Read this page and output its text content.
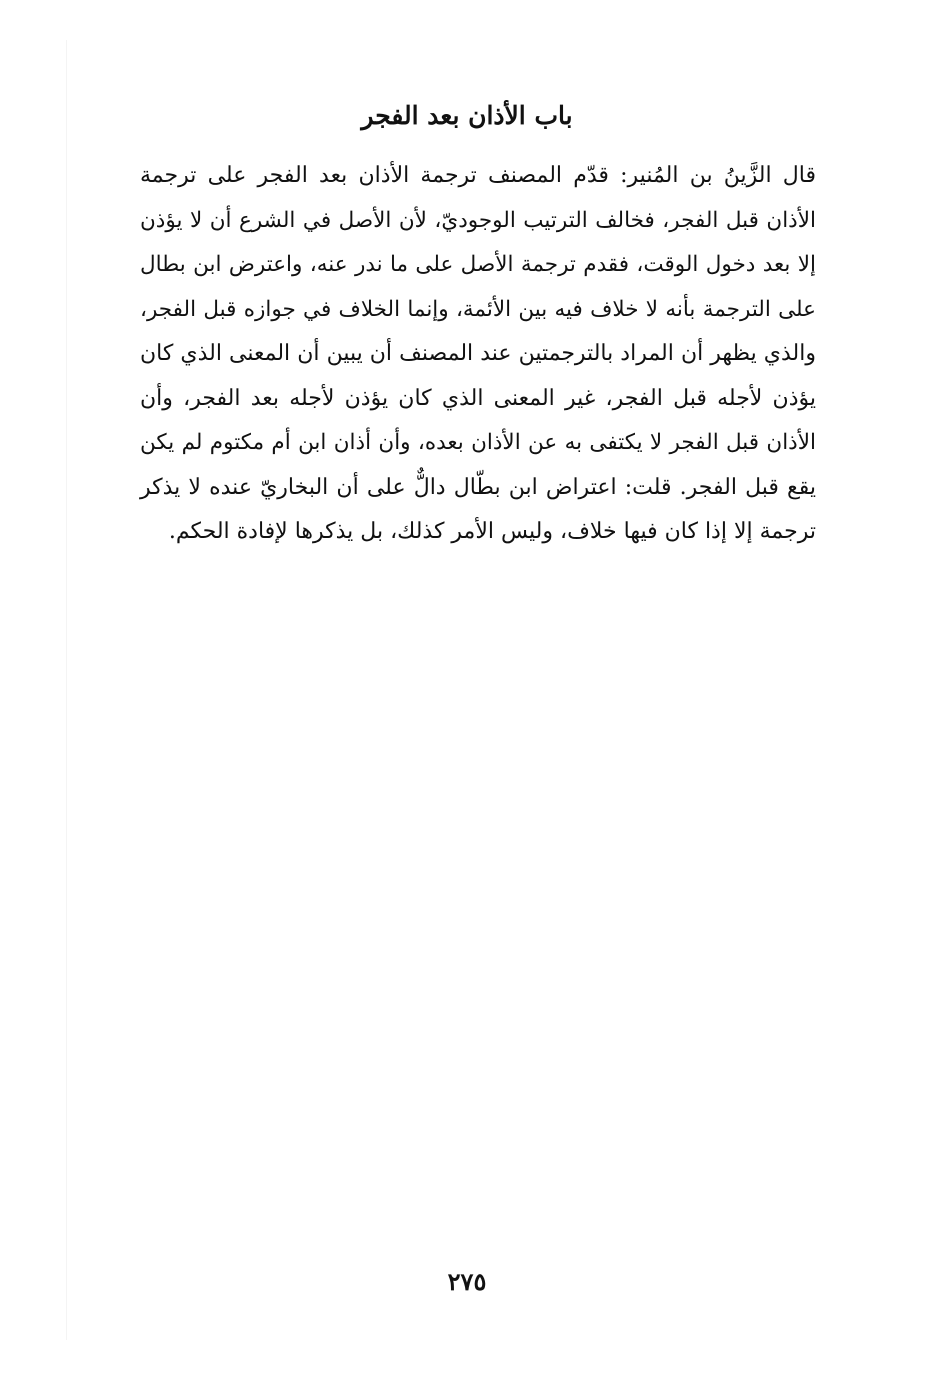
باب الأذان بعد الفجر
قال الزَّينُ بن المُنير: قدّم المصنف ترجمة الأذان بعد الفجر على ترجمة
الأذان قبل الفجر، فخالف الترتيب الوجوديّ، لأن الأصل في الشرع أن لا يؤذن
إلا بعد دخول الوقت، فقدم ترجمة الأصل على ما ندر عنه، واعترض ابن بطال
على الترجمة بأنه لا خلاف فيه بين الأئمة، وإنما الخلاف في جوازه قبل الفجر،
والذي يظهر أن المراد بالترجمتين عند المصنف أن يبين أن المعنى الذي كان
يؤذن لأجله قبل الفجر، غير المعنى الذي كان يؤذن لأجله بعد الفجر، وأن
الأذان قبل الفجر لا يكتفى به عن الأذان بعده، وأن أذان ابن أم مكتوم لم يكن
يقع قبل الفجر. قلت: اعتراض ابن بطّال دالٌّ على أن البخاريّ عنده لا يذكر
ترجمة إلا إذا كان فيها خلاف، وليس الأمر كذلك، بل يذكرها لإفادة الحكم.
٢٧٥
